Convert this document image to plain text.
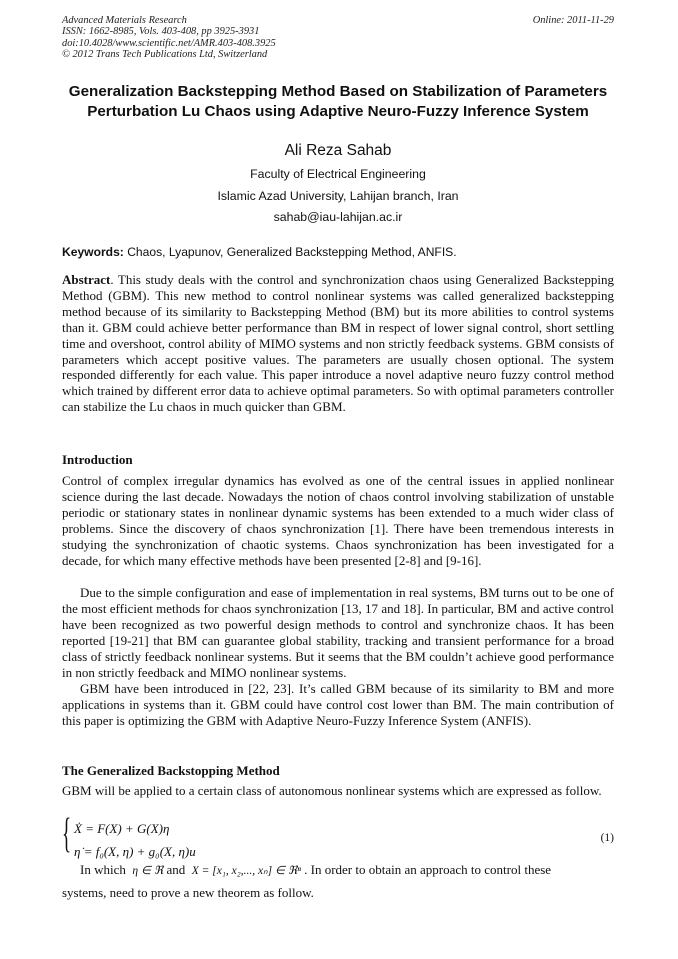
Advanced Materials Research
ISSN: 1662-8985, Vols. 403-408, pp 3925-3931
doi:10.4028/www.scientific.net/AMR.403-408.3925
© 2012 Trans Tech Publications Ltd, Switzerland
Online: 2011-11-29
Generalization Backstepping Method Based on Stabilization of Parameters Perturbation Lu Chaos using Adaptive Neuro-Fuzzy Inference System
Ali Reza Sahab
Faculty of Electrical Engineering
Islamic Azad University, Lahijan branch, Iran
sahab@iau-lahijan.ac.ir
Keywords: Chaos, Lyapunov, Generalized Backstepping Method, ANFIS.
Abstract. This study deals with the control and synchronization chaos using Generalized Backstepping Method (GBM). This new method to control nonlinear systems was called generalized backstepping method because of its similarity to Backstepping Method (BM) but its more abilities to control systems than it. GBM could achieve better performance than BM in respect of lower signal control, short settling time and overshoot, control ability of MIMO systems and non strictly feedback systems. GBM consists of parameters which accept positive values. The parameters are usually chosen optional. The system responded differently for each value. This paper introduce a novel adaptive neuro fuzzy control method which trained by different error data to achieve optimal parameters. So with optimal parameters controller can stabilize the Lu chaos in much quicker than GBM.
Introduction
Control of complex irregular dynamics has evolved as one of the central issues in applied nonlinear science during the last decade. Nowadays the notion of chaos control involving stabilization of unstable periodic or stationary states in nonlinear dynamic systems has been extended to a much wider class of problems. Since the discovery of chaos synchronization [1]. There have been tremendous interests in studying the synchronization of chaotic systems. Chaos synchronization has been investigated for a decade, for which many effective methods have been presented [2-8] and [9-16].
Due to the simple configuration and ease of implementation in real systems, BM turns out to be one of the most efficient methods for chaos synchronization [13, 17 and 18]. In particular, BM and active control have been recognized as two powerful design methods to control and synchronize chaos. It has been reported [19-21] that BM can guarantee global stability, tracking and transient performance for a broad class of strictly feedback nonlinear systems. But it seems that the BM couldn’t achieve good performance in non strictly feedback and MIMO nonlinear systems.
GBM have been introduced in [22, 23]. It’s called GBM because of its similarity to BM and more applications in systems than it. GBM could have control cost lower than BM. The main contribution of this paper is optimizing the GBM with Adaptive Neuro-Fuzzy Inference System (ANFIS).
The Generalized Backstopping Method
GBM will be applied to a certain class of autonomous nonlinear systems which are expressed as follow.
{ Ẋ = F(X) + G(X)η
η̇ = f₀(X, η) + g₀(X, η)u
(1)
In which η ∈ ℜ and X = [x₁, x₂,..., xₙ] ∈ ℜⁿ . In order to obtain an approach to control these
systems, need to prove a new theorem as follow.
